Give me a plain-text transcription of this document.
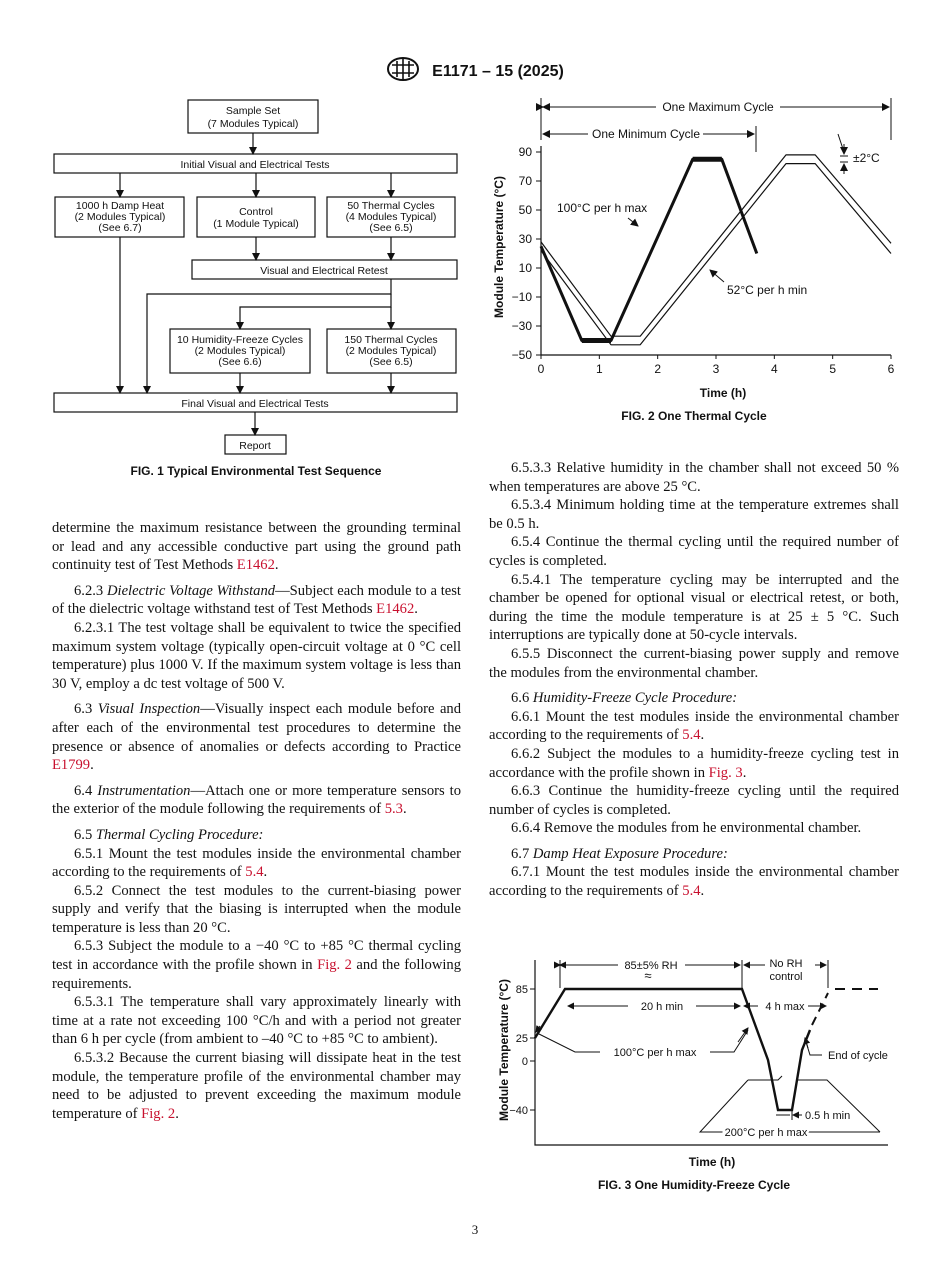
E1171 – 15 (2025)
Sample Set
(7 Modules Typical)
Initial Visual and Electrical Tests
1000 h Damp Heat
(2 Modules Typical)
(See 6.7)
Control
(1 Module Typical)
50 Thermal Cycles
(4 Modules Typical)
(See 6.5)
Visual and Electrical Retest
10 Humidity-Freeze Cycles
(2 Modules Typical)
(See 6.6)
150 Thermal Cycles
(2 Modules Typical)
(See 6.5)
Final Visual and Electrical Tests
Report
FIG. 1 Typical Environmental Test Sequence
0	1	2	3	4	5	6
90
70
50
30
10
−10
−30
−50
One Maximum Cycle
One Minimum Cycle
±2°C
100°C per h max
52°C per h min
Time (h)
Module Temperature (°C)
FIG. 2 One Thermal Cycle
85
25
0
−40
85±5% RH
≈
No RH
control
20 h min	4 h max
100°C per h max	End of cycle
0.5 h min
200°C per h max
Time (h)
Module Temperature (°C)
FIG. 3 One Humidity-Freeze Cycle

determine the maximum resistance between the grounding terminal or lead and any accessible conductive part using the ground path continuity test of Test Methods E1462.

6.2.3 Dielectric Voltage Withstand—Subject each module to a test of the dielectric voltage withstand test of Test Methods E1462.

6.2.3.1 The test voltage shall be equivalent to twice the specified maximum system voltage (typically open-circuit voltage at 0 °C cell temperature) plus 1000 V. If the maximum system voltage is less than 30 V, employ a dc test voltage of 500 V.

6.3 Visual Inspection—Visually inspect each module before and after each of the environmental test procedures to determine the presence or absence of anomalies or defects according to Practice E1799.

6.4 Instrumentation—Attach one or more temperature sensors to the exterior of the module following the requirements of 5.3.

6.5 Thermal Cycling Procedure:

6.5.1 Mount the test modules inside the environmental chamber according to the requirements of 5.4.

6.5.2 Connect the test modules to the current-biasing power supply and verify that the biasing is interrupted when the module temperature is less than 20 °C.

6.5.3 Subject the module to a −40 °C to +85 °C thermal cycling test in accordance with the profile shown in Fig. 2 and the following requirements.

6.5.3.1 The temperature shall vary approximately linearly with time at a rate not exceeding 100 °C/h and with a period not greater than 6 h per cycle (from ambient to –40 °C to +85 °C to ambient).

6.5.3.2 Because the current biasing will dissipate heat in the test module, the temperature profile of the environmental chamber may need to be adjusted to prevent exceeding the maximum module temperature of Fig. 2.

6.5.3.3 Relative humidity in the chamber shall not exceed 50 % when temperatures are above 25 °C.

6.5.3.4 Minimum holding time at the temperature extremes shall be 0.5 h.

6.5.4 Continue the thermal cycling until the required number of cycles is completed.

6.5.4.1 The temperature cycling may be interrupted and the chamber be opened for optional visual or electrical retest, or both, during the time the module temperature is at 25 ± 5 °C. Such interruptions are typically done at 50-cycle intervals.

6.5.5 Disconnect the current-biasing power supply and remove the modules from the environmental chamber.

6.6 Humidity-Freeze Cycle Procedure:

6.6.1 Mount the test modules inside the environmental chamber according to the requirements of 5.4.

6.6.2 Subject the modules to a humidity-freeze cycling test in accordance with the profile shown in Fig. 3.

6.6.3 Continue the humidity-freeze cycling until the required number of cycles is completed.

6.6.4 Remove the modules from he environmental chamber.

6.7 Damp Heat Exposure Procedure:

6.7.1 Mount the test modules inside the environmental chamber according to the requirements of 5.4.

3
